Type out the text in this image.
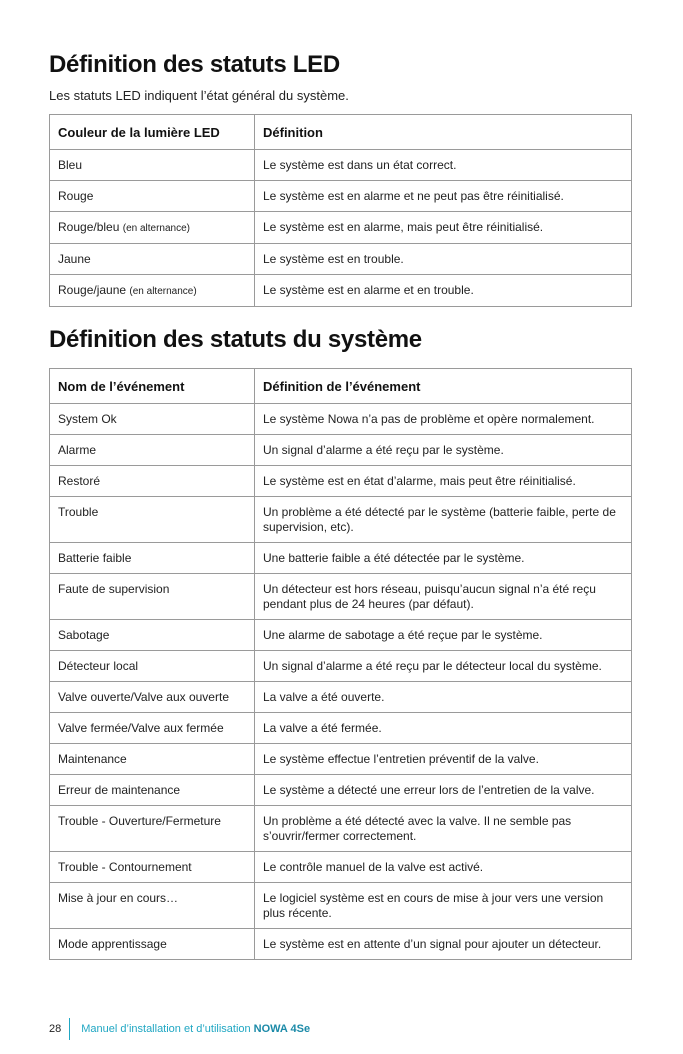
Définition des statuts LED

Les statuts LED indiquent l’état général du système.

Couleur de la lumière LED	Définition
Bleu	Le système est dans un état correct.
Rouge	Le système est en alarme et ne peut pas être réinitialisé.
Rouge/bleu (en alternance)	Le système est en alarme, mais peut être réinitialisé.
Jaune	Le système est en trouble.
Rouge/jaune (en alternance)	Le système est en alarme et en trouble.
Définition des statuts du système
Nom de l’événement	Définition de l’événement
System Ok	Le système Nowa n’a pas de problème et opère normalement.
Alarme	Un signal d’alarme a été reçu par le système.
Restoré	Le système est en état d’alarme, mais peut être réinitialisé.
Trouble	Un problème a été détecté par le système (batterie faible, perte de supervision, etc).
Batterie faible	Une batterie faible a été détectée par le système.
Faute de supervision	Un détecteur est hors réseau, puisqu’aucun signal n’a été reçu pendant plus de 24 heures (par défaut).
Sabotage	Une alarme de sabotage a été reçue par le système.
Détecteur local	Un signal d’alarme a été reçu par le détecteur local du système.
Valve ouverte/Valve aux ouverte	La valve a été ouverte.
Valve fermée/Valve aux fermée	La valve a été fermée.
Maintenance	Le système effectue l’entretien préventif de la valve.
Erreur de maintenance	Le système a détecté une erreur lors de l’entretien de la valve.
Trouble - Ouverture/Fermeture	Un problème a été détecté avec la valve. Il ne semble pas s’ouvrir/fermer correctement.
Trouble - Contournement	Le contrôle manuel de la valve est activé.
Mise à jour en cours…	Le logiciel système est en cours de mise à jour vers une version plus récente.
Mode apprentissage	Le système est en attente d’un signal pour ajouter un détecteur.
28 Manuel d’installation et d’utilisation NOWA 4Se
